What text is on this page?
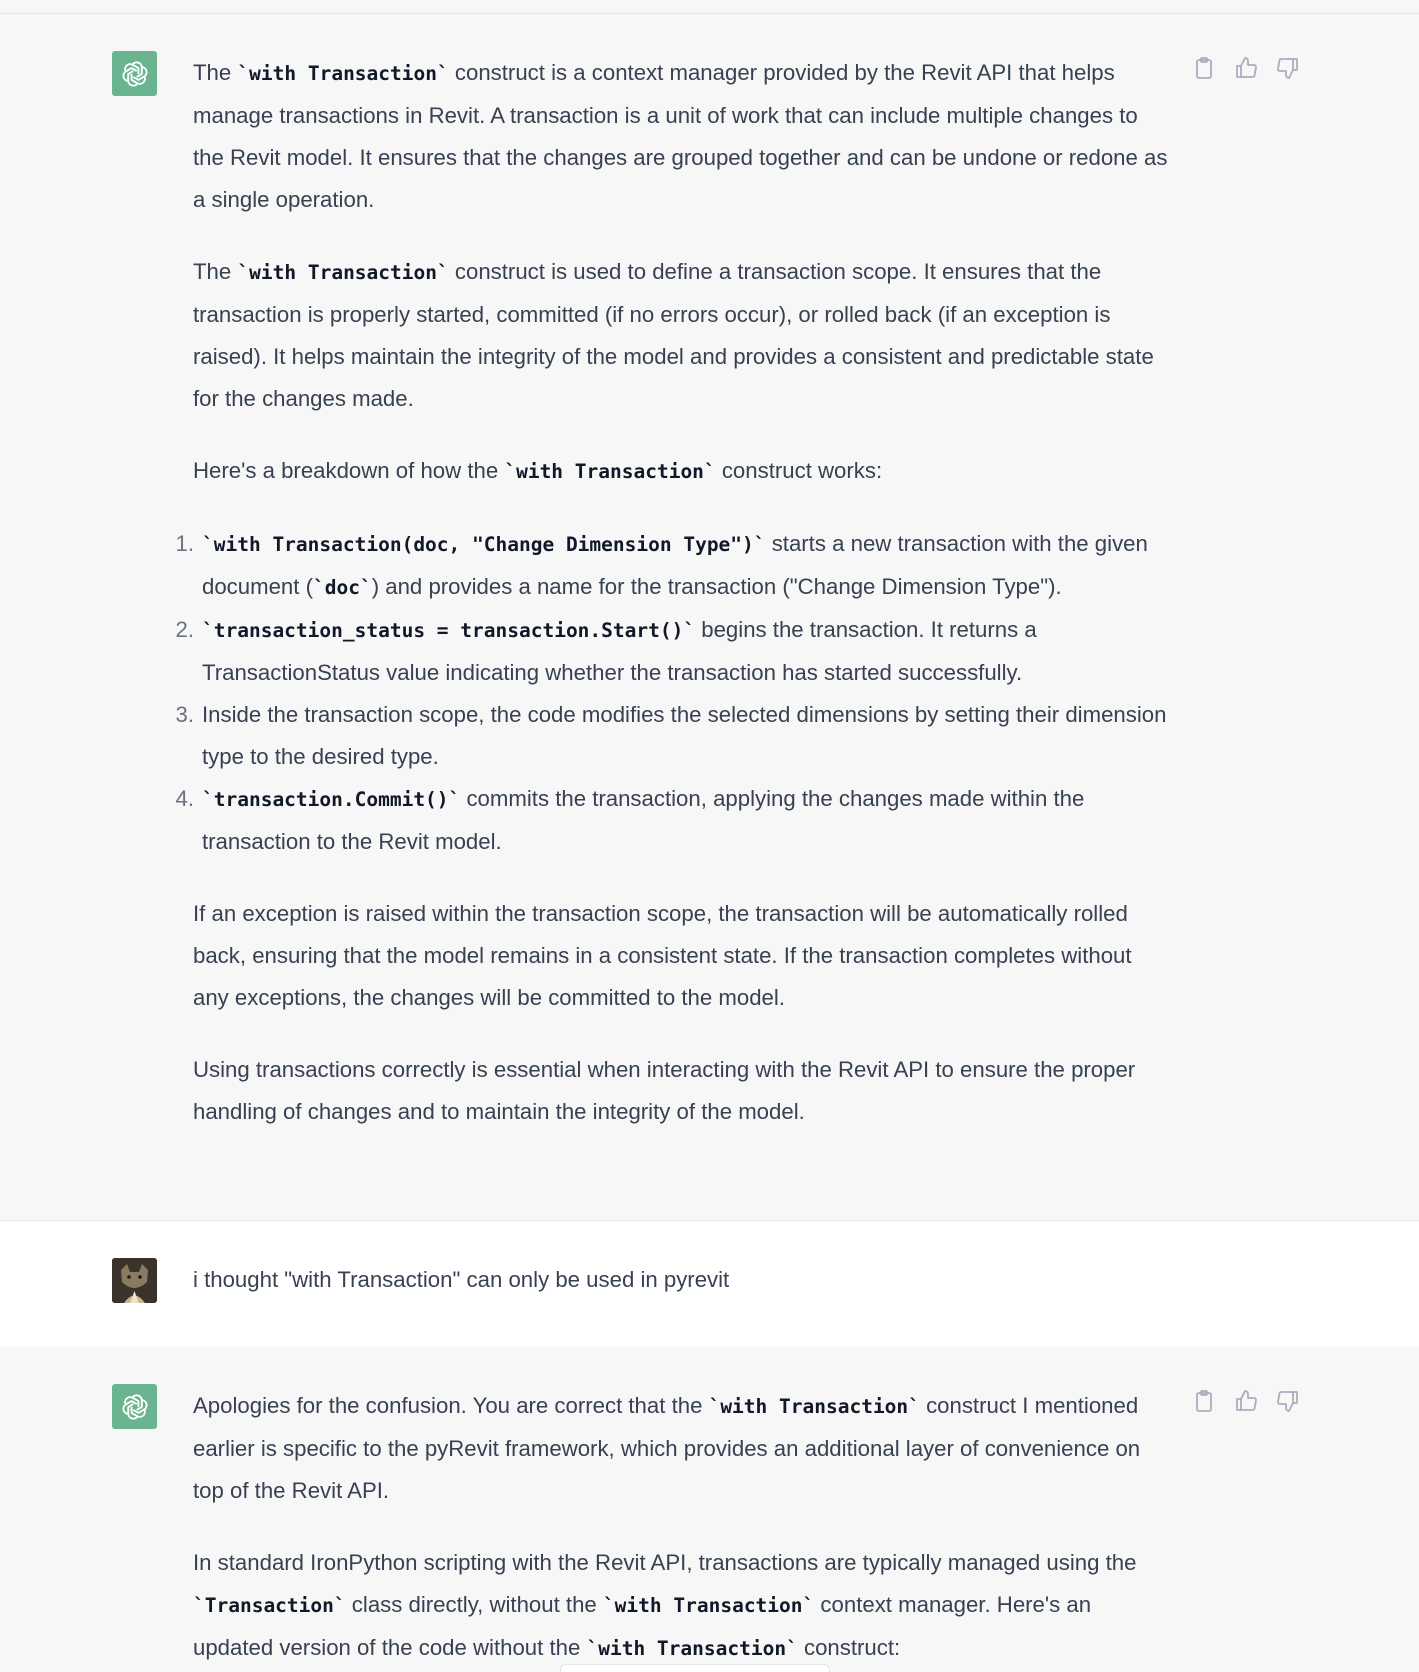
The `with Transaction` construct is a context manager provided by the Revit API that helps manage transactions in Revit. A transaction is a unit of work that can include multiple changes to the Revit model. It ensures that the changes are grouped together and can be undone or redone as a single operation.

The `with Transaction` construct is used to define a transaction scope. It ensures that the transaction is properly started, committed (if no errors occur), or rolled back (if an exception is raised). It helps maintain the integrity of the model and provides a consistent and predictable state for the changes made.

Here's a breakdown of how the `with Transaction` construct works:

1. `with Transaction(doc, "Change Dimension Type")` starts a new transaction with the given document (`doc`) and provides a name for the transaction ("Change Dimension Type").
2. `transaction_status = transaction.Start()` begins the transaction. It returns a TransactionStatus value indicating whether the transaction has started successfully.
3. Inside the transaction scope, the code modifies the selected dimensions by setting their dimension type to the desired type.
4. `transaction.Commit()` commits the transaction, applying the changes made within the transaction to the Revit model.

If an exception is raised within the transaction scope, the transaction will be automatically rolled back, ensuring that the model remains in a consistent state. If the transaction completes without any exceptions, the changes will be committed to the model.

Using transactions correctly is essential when interacting with the Revit API to ensure the proper handling of changes and to maintain the integrity of the model.

i thought "with Transaction" can only be used in pyrevit

Apologies for the confusion. You are correct that the `with Transaction` construct I mentioned earlier is specific to the pyRevit framework, which provides an additional layer of convenience on top of the Revit API.

In standard IronPython scripting with the Revit API, transactions are typically managed using the `Transaction` class directly, without the `with Transaction` context manager. Here's an updated version of the code without the `with Transaction` construct:
